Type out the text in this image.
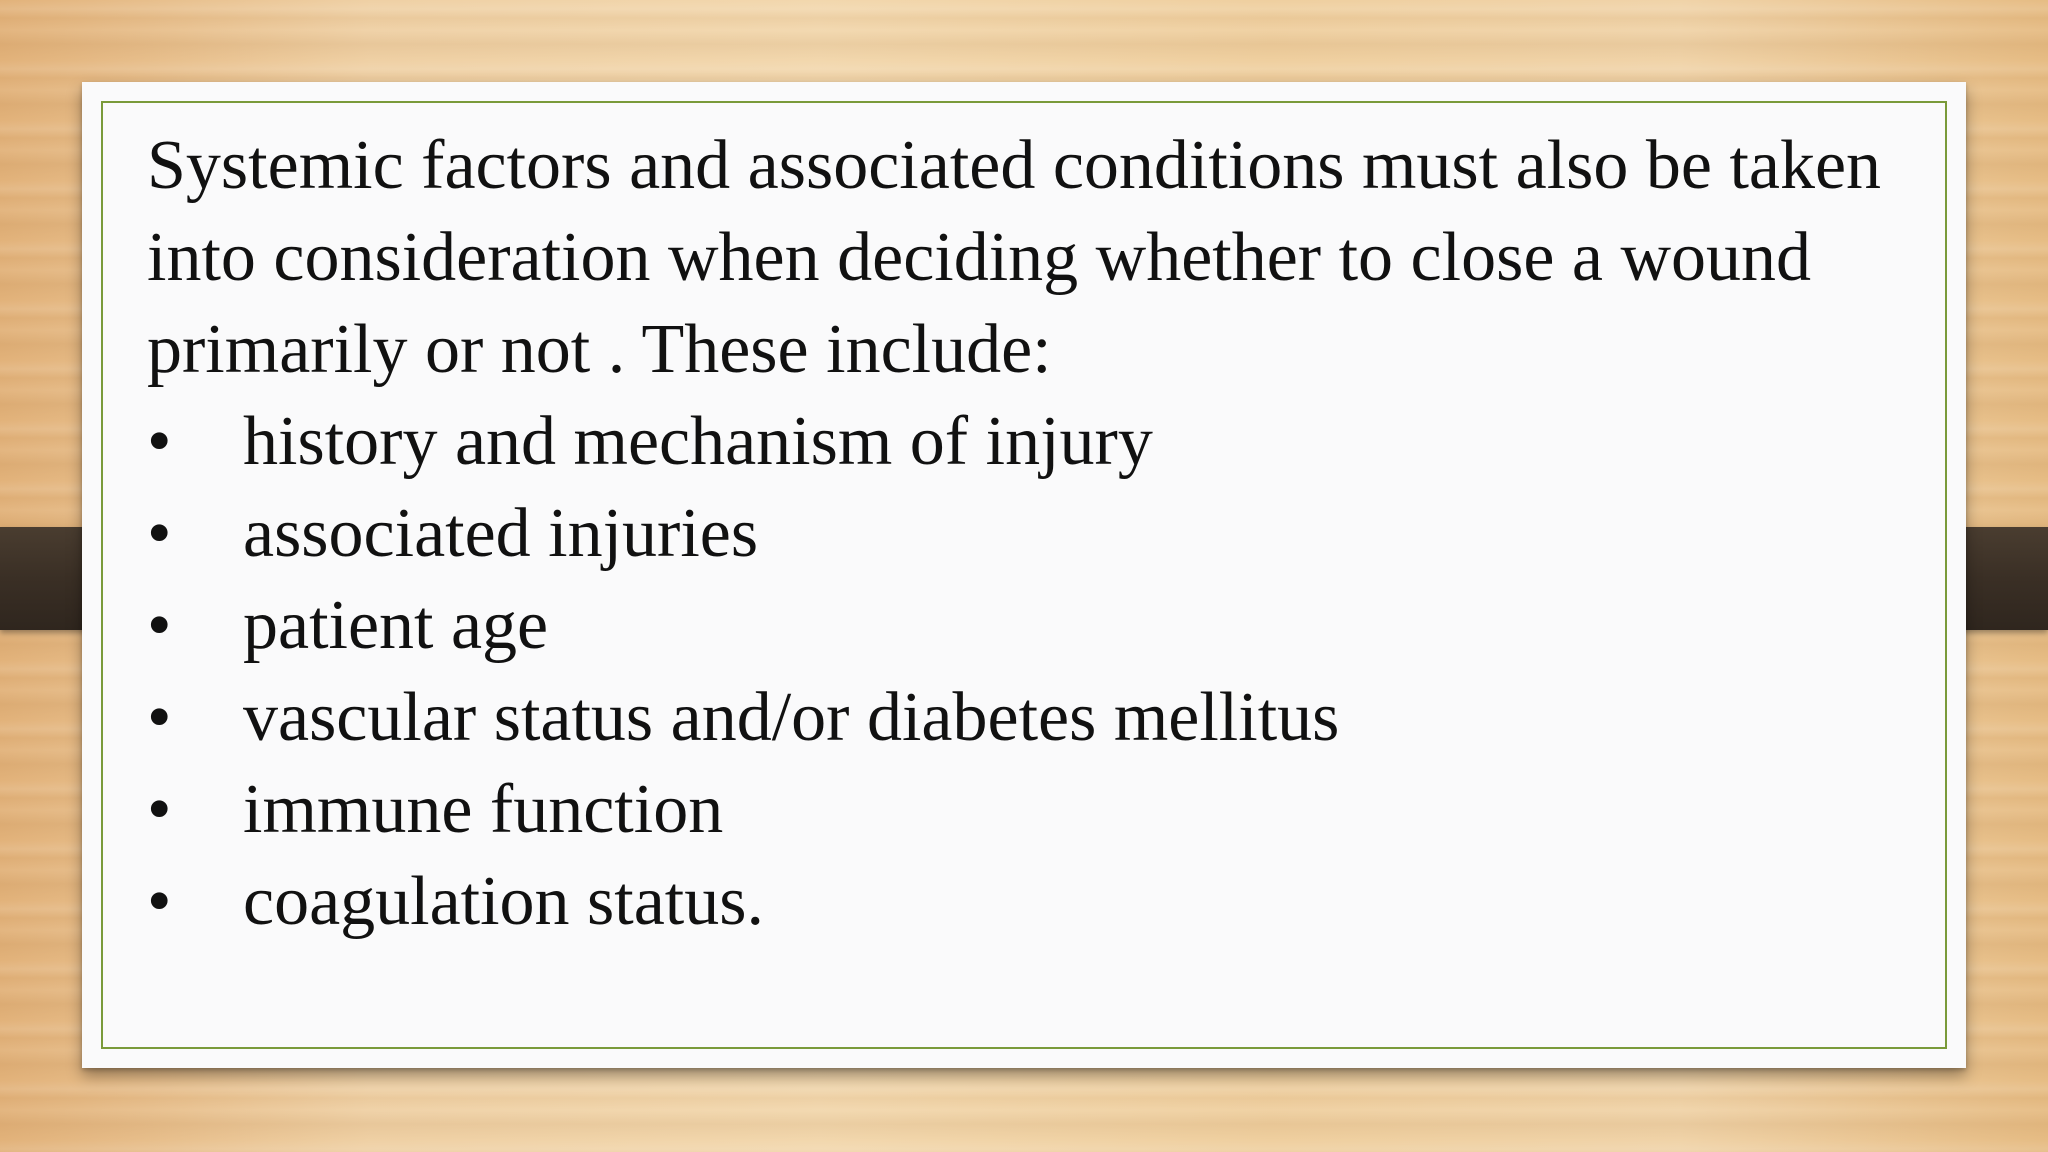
Systemic factors and associated conditions must also be taken into consideration when deciding whether to close a wound primarily or not . These include:

• history and mechanism of injury
• associated injuries
• patient age
• vascular status and/or diabetes mellitus
• immune function
• coagulation status.
